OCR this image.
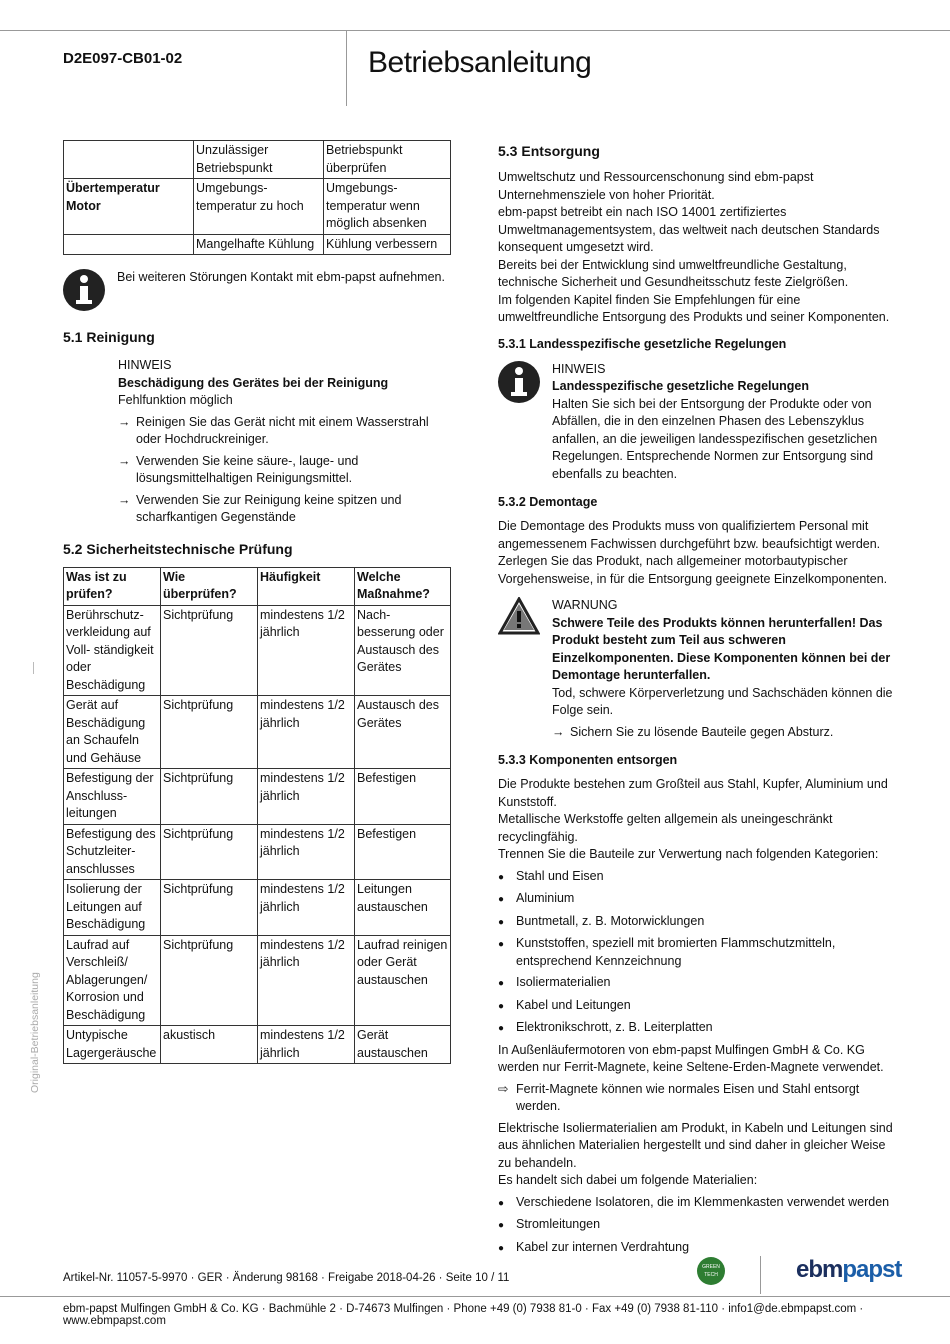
D2E097-CB01-02	Betriebsanleitung
	Unzulässiger Betriebspunkt	Betriebspunkt überprüfen
Übertemperatur Motor	Umgebungs-temperatur zu hoch	Umgebungs-temperatur wenn möglich absenken
	Mangelhafte Kühlung	Kühlung verbessern

Bei weiteren Störungen Kontakt mit ebm-papst aufnehmen.

5.1 Reinigung

HINWEIS

Beschädigung des Gerätes bei der Reinigung

Fehlfunktion möglich

→ Reinigen Sie das Gerät nicht mit einem Wasserstrahl oder Hochdruckreiniger.
→ Verwenden Sie keine säure-, lauge- und lösungsmittelhaltigen Reinigungsmittel.
→ Verwenden Sie zur Reinigung keine spitzen und scharfkantigen Gegenstände
5.2 Sicherheitstechnische Prüfung
Was ist zu prüfen?	Wie überprüfen?	Häufigkeit	Welche Maßnahme?
Berührschutz-verkleidung auf Voll- ständigkeit oder Beschädigung	Sichtprüfung	mindestens 1/2 jährlich	Nach-besserung oder Austausch des Gerätes
Gerät auf Beschädigung an Schaufeln und Gehäuse	Sichtprüfung	mindestens 1/2 jährlich	Austausch des Gerätes
Befestigung der Anschluss-leitungen	Sichtprüfung	mindestens 1/2 jährlich	Befestigen
Befestigung des Schutzleiter-anschlusses	Sichtprüfung	mindestens 1/2 jährlich	Befestigen
Isolierung der Leitungen auf Beschädigung	Sichtprüfung	mindestens 1/2 jährlich	Leitungen austauschen
Laufrad auf Verschleiß/ Ablagerungen/ Korrosion und Beschädigung	Sichtprüfung	mindestens 1/2 jährlich	Laufrad reinigen oder Gerät austauschen
Untypische Lagergeräusche	akustisch	mindestens 1/2 jährlich	Gerät austauschen
5.3 Entsorgung

Umweltschutz und Ressourcenschonung sind ebm-papst Unternehmensziele von hoher Priorität.

ebm-papst betreibt ein nach ISO 14001 zertifiziertes Umweltmanagementsystem, das weltweit nach deutschen Standards konsequent umgesetzt wird.

Bereits bei der Entwicklung sind umweltfreundliche Gestaltung, technische Sicherheit und Gesundheitsschutz feste Zielgrößen.

Im folgenden Kapitel finden Sie Empfehlungen für eine umweltfreundliche Entsorgung des Produkts und seiner Komponenten.

5.3.1 Landesspezifische gesetzliche Regelungen

HINWEIS

Landesspezifische gesetzliche Regelungen

Halten Sie sich bei der Entsorgung der Produkte oder von Abfällen, die in den einzelnen Phasen des Lebenszyklus anfallen, an die jeweiligen landesspezifischen gesetzlichen Regelungen. Entsprechende Normen zur Entsorgung sind ebenfalls zu beachten.

5.3.2 Demontage

Die Demontage des Produkts muss von qualifiziertem Personal mit angemessenem Fachwissen durchgeführt bzw. beaufsichtigt werden. Zerlegen Sie das Produkt, nach allgemeiner motorbautypischer Vorgehensweise, in für die Entsorgung geeignete Einzelkomponenten.

WARNUNG

Schwere Teile des Produkts können herunterfallen! Das Produkt besteht zum Teil aus schweren Einzelkomponenten. Diese Komponenten können bei der Demontage herunterfallen.

Tod, schwere Körperverletzung und Sachschäden können die Folge sein.

→ Sichern Sie zu lösende Bauteile gegen Absturz.
5.3.3 Komponenten entsorgen

Die Produkte bestehen zum Großteil aus Stahl, Kupfer, Aluminium und Kunststoff.

Metallische Werkstoffe gelten allgemein als uneingeschränkt recyclingfähig.

Trennen Sie die Bauteile zur Verwertung nach folgenden Kategorien:

● Stahl und Eisen
● Aluminium
● Buntmetall, z. B. Motorwicklungen
● Kunststoffen, speziell mit bromierten Flammschutzmitteln, entsprechend Kennzeichnung
● Isoliermaterialien
● Kabel und Leitungen
● Elektronikschrott, z. B. Leiterplatten

In Außenläufermotoren von ebm-papst Mulfingen GmbH & Co. KG werden nur Ferrit-Magnete, keine Seltene-Erden-Magnete verwendet.

⇨ Ferrit-Magnete können wie normales Eisen und Stahl entsorgt werden.

Elektrische Isoliermaterialien am Produkt, in Kabeln und Leitungen sind aus ähnlichen Materialien hergestellt und sind daher in gleicher Weise zu behandeln.

Es handelt sich dabei um folgende Materialien:

● Verschiedene Isolatoren, die im Klemmenkasten verwendet werden
● Stromleitungen
● Kabel zur internen Verdrahtung
Original-Betriebsanleitung
Artikel-Nr. 11057-5-9970 · GER · Änderung 98168 · Freigabe 2018-04-26 · Seite 10 / 11
GREEN TECH	ebmpapst
ebm-papst Mulfingen GmbH & Co. KG · Bachmühle 2 · D-74673 Mulfingen · Phone +49 (0) 7938 81-0 · Fax +49 (0) 7938 81-110 · info1@de.ebmpapst.com · www.ebmpapst.com
